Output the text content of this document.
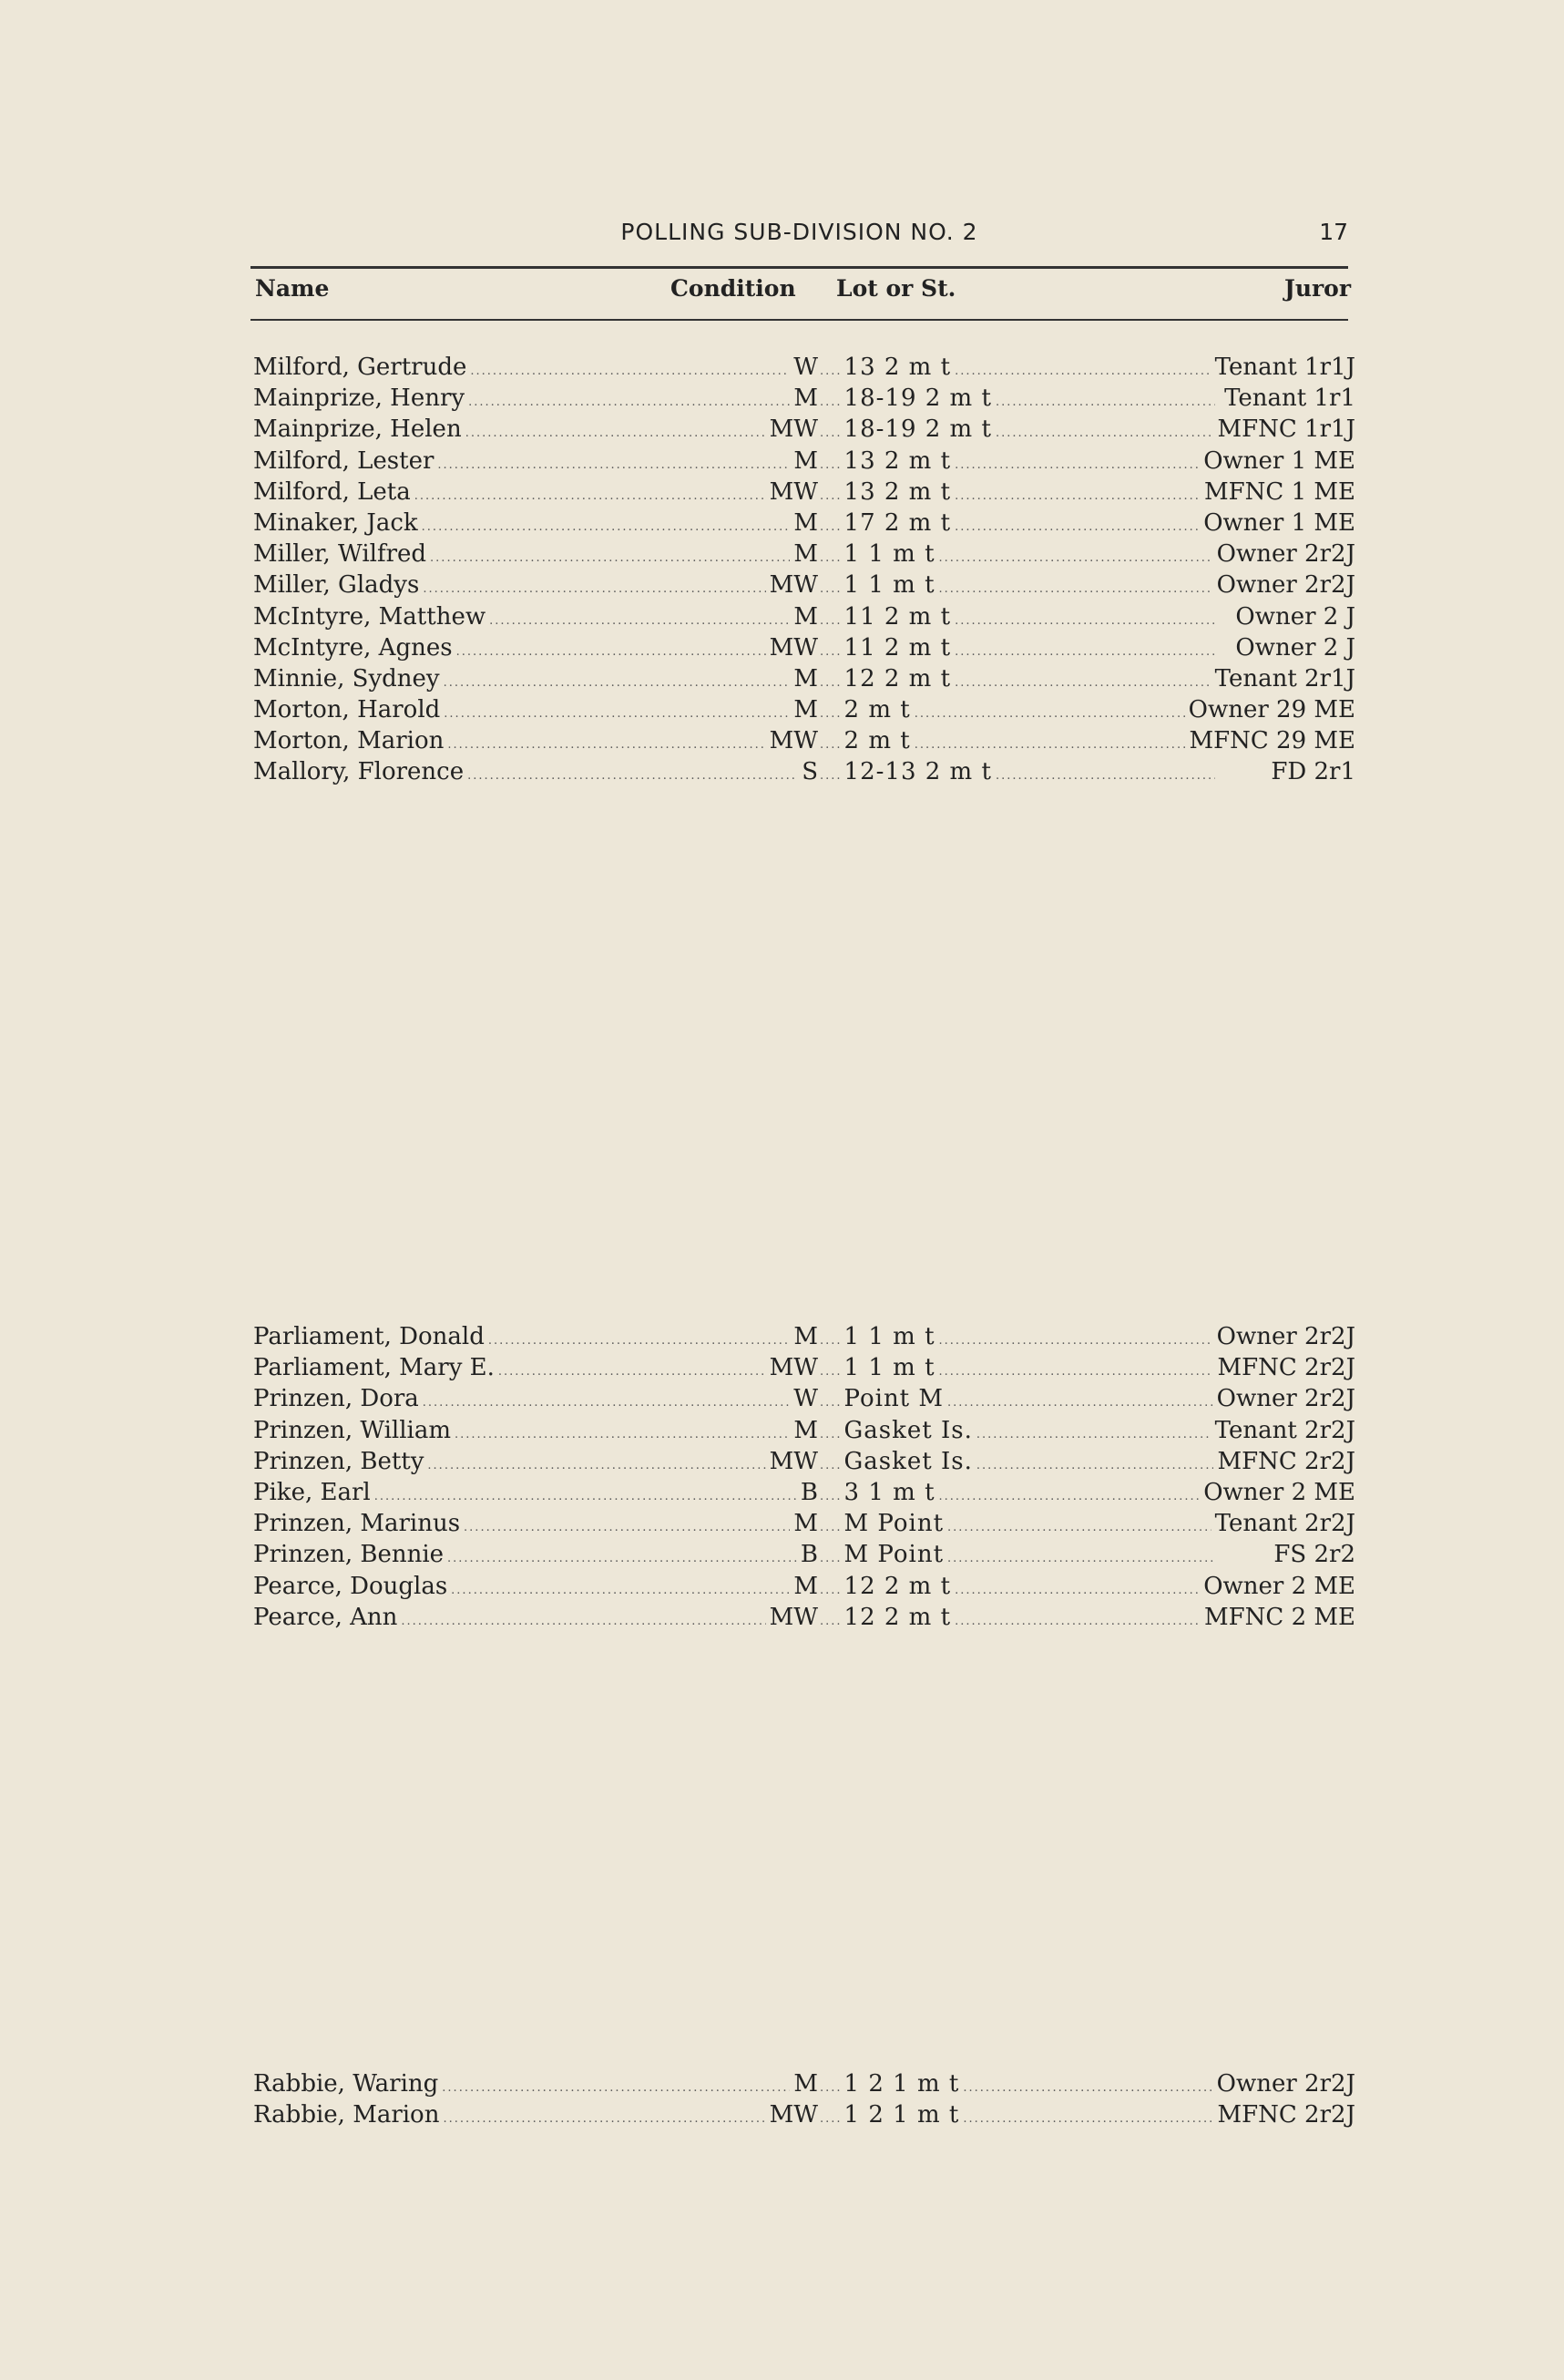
POLLING SUB-DIVISION NO. 2	17
Name	Condition Lot or St.	Juror
Milford, Gertrude .....	W .... 13 2 m t .....	Tenant 1r1J
Mainprize, Henry .....	M .... 18-19 2 m t .....	Tenant 1r1
Mainprize, Helen .....	MW .... 18-19 2 m t .....	MFNC 1r1J
Milford, Lester .....	M .... 13 2 m t .....	Owner 1 ME
Milford, Leta .....	MW .... 13 2 m t .....	MFNC 1 ME
Minaker, Jack .....	M .... 17 2 m t .....	Owner 1 ME
Miller, Wilfred .....	M .... 1 1 m t .....	Owner 2r2J
Miller, Gladys .....	MW .... 1 1 m t .....	Owner 2r2J
McIntyre, Matthew .....	M .... 11 2 m t .....	Owner 2 J
McIntyre, Agnes .....	MW .... 11 2 m t .....	Owner 2 J
Minnie, Sydney .....	M .... 12 2 m t .....	Tenant 2r1J
Morton, Harold .....	M .... 2 m t .....	Owner 29 ME
Morton, Marion .....	MW .... 2 m t .....	MFNC 29 ME
Mallory, Florence .....	S .... 12-13 2 m t .....	FD 2r1
Parliament, Donald .....	M .... 1 1 m t .....	Owner 2r2J
Parliament, Mary E. .....	MW .... 1 1 m t .....	MFNC 2r2J
Prinzen, Dora .....	W .... Point M .....	Owner 2r2J
Prinzen, William .....	M .... Gasket Is. .....	Tenant 2r2J
Prinzen, Betty .....	MW .... Gasket Is. .....	MFNC 2r2J
Pike, Earl .....	B .... 3 1 m t .....	Owner 2 ME
Prinzen, Marinus .....	M .... M Point .....	Tenant 2r2J
Prinzen, Bennie .....	B .... M Point .....	FS 2r2
Pearce, Douglas .....	M .... 12 2 m t .....	Owner 2 ME
Pearce, Ann .....	MW .... 12 2 m t .....	MFNC 2 ME
Rabbie, Waring .....	M .... 1 2 1 m t .....	Owner 2r2J
Rabbie, Marion .....	MW .... 1 2 1 m t .....	MFNC 2r2J
